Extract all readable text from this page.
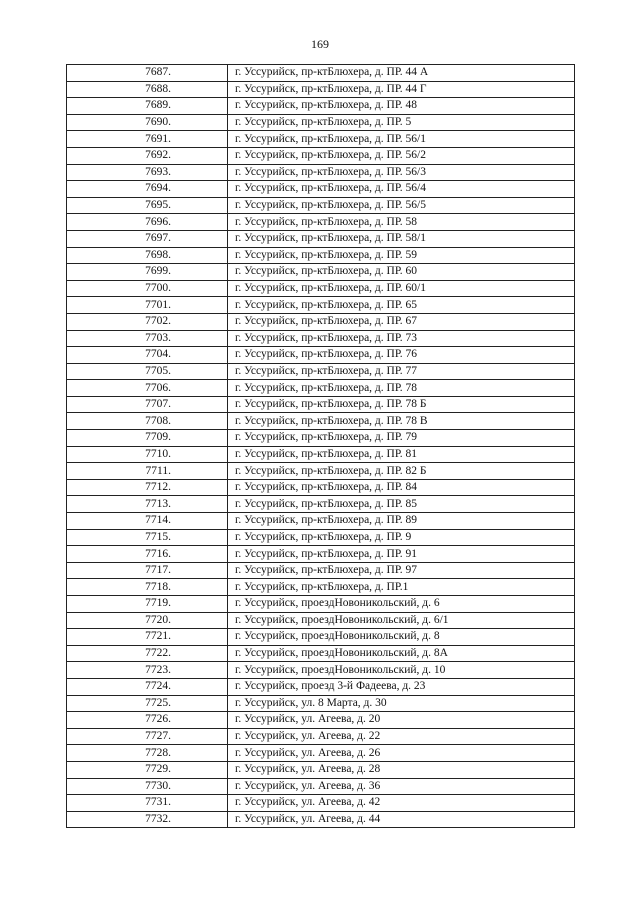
169
7687.	г. Уссурийск, пр-ктБлюхера, д. ПР. 44 А
7688.	г. Уссурийск, пр-ктБлюхера, д. ПР. 44 Г
7689.	г. Уссурийск, пр-ктБлюхера, д. ПР. 48
7690.	г. Уссурийск, пр-ктБлюхера, д. ПР. 5
7691.	г. Уссурийск, пр-ктБлюхера, д. ПР. 56/1
7692.	г. Уссурийск, пр-ктБлюхера, д. ПР. 56/2
7693.	г. Уссурийск, пр-ктБлюхера, д. ПР. 56/3
7694.	г. Уссурийск, пр-ктБлюхера, д. ПР. 56/4
7695.	г. Уссурийск, пр-ктБлюхера, д. ПР. 56/5
7696.	г. Уссурийск, пр-ктБлюхера, д. ПР. 58
7697.	г. Уссурийск, пр-ктБлюхера, д. ПР. 58/1
7698.	г. Уссурийск, пр-ктБлюхера, д. ПР. 59
7699.	г. Уссурийск, пр-ктБлюхера, д. ПР. 60
7700.	г. Уссурийск, пр-ктБлюхера, д. ПР. 60/1
7701.	г. Уссурийск, пр-ктБлюхера, д. ПР. 65
7702.	г. Уссурийск, пр-ктБлюхера, д. ПР. 67
7703.	г. Уссурийск, пр-ктБлюхера, д. ПР. 73
7704.	г. Уссурийск, пр-ктБлюхера, д. ПР. 76
7705.	г. Уссурийск, пр-ктБлюхера, д. ПР. 77
7706.	г. Уссурийск, пр-ктБлюхера, д. ПР. 78
7707.	г. Уссурийск, пр-ктБлюхера, д. ПР. 78 Б
7708.	г. Уссурийск, пр-ктБлюхера, д. ПР. 78 В
7709.	г. Уссурийск, пр-ктБлюхера, д. ПР. 79
7710.	г. Уссурийск, пр-ктБлюхера, д. ПР. 81
7711.	г. Уссурийск, пр-ктБлюхера, д. ПР. 82 Б
7712.	г. Уссурийск, пр-ктБлюхера, д. ПР. 84
7713.	г. Уссурийск, пр-ктБлюхера, д. ПР. 85
7714.	г. Уссурийск, пр-ктБлюхера, д. ПР. 89
7715.	г. Уссурийск, пр-ктБлюхера, д. ПР. 9
7716.	г. Уссурийск, пр-ктБлюхера, д. ПР. 91
7717.	г. Уссурийск, пр-ктБлюхера, д. ПР. 97
7718.	г. Уссурийск, пр-ктБлюхера, д. ПР.1
7719.	г. Уссурийск, проездНовоникольский, д. 6
7720.	г. Уссурийск, проездНовоникольский, д. 6/1
7721.	г. Уссурийск, проездНовоникольский, д. 8
7722.	г. Уссурийск, проездНовоникольский, д. 8А
7723.	г. Уссурийск, проездНовоникольский, д. 10
7724.	г. Уссурийск, проезд 3-й Фадеева, д. 23
7725.	г. Уссурийск, ул. 8 Марта, д. 30
7726.	г. Уссурийск, ул. Агеева, д. 20
7727.	г. Уссурийск, ул. Агеева, д. 22
7728.	г. Уссурийск, ул. Агеева, д. 26
7729.	г. Уссурийск, ул. Агеева, д. 28
7730.	г. Уссурийск, ул. Агеева, д. 36
7731.	г. Уссурийск, ул. Агеева, д. 42
7732.	г. Уссурийск, ул. Агеева, д. 44
